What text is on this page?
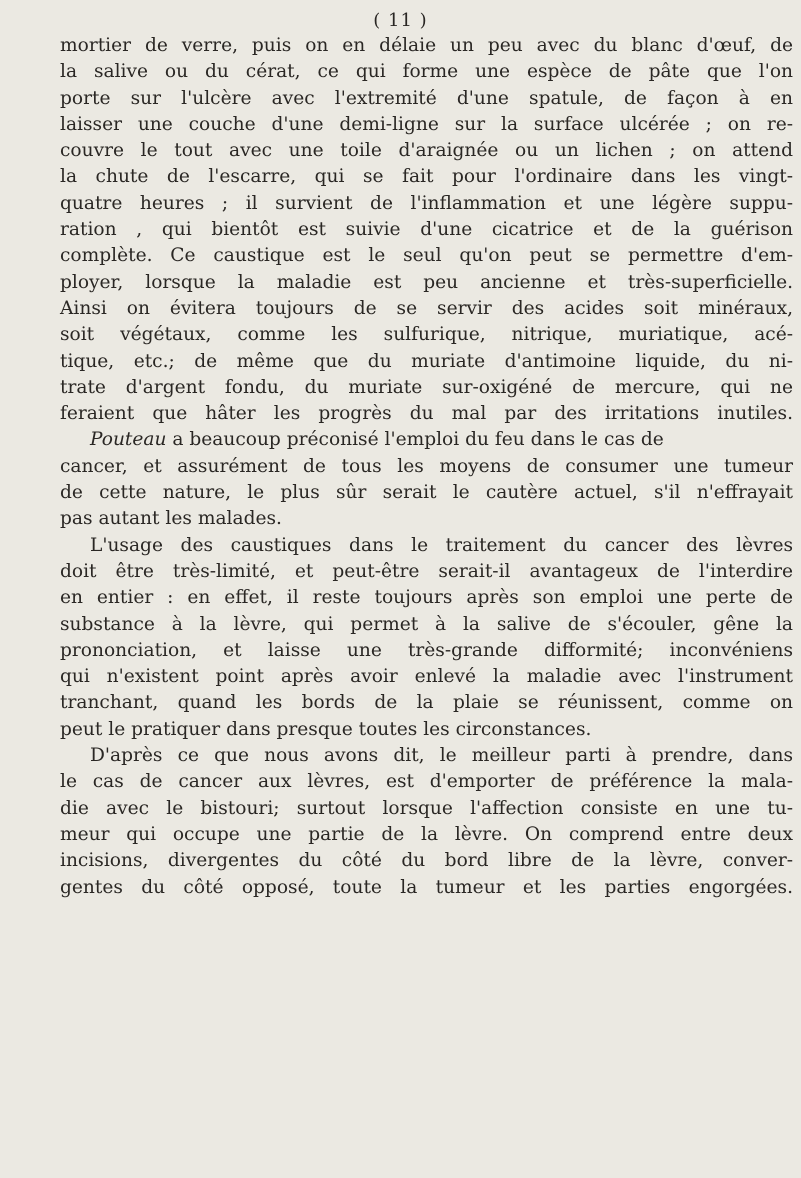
( 11 )
mortier de verre, puis on en délaie un peu avec du blanc d'œuf, de
la salive ou du cérat, ce qui forme une espèce de pâte que l'on
porte sur l'ulcère avec l'extremité d'une spatule, de façon à en
laisser une couche d'une demi-ligne sur la surface ulcérée ; on re-
couvre le tout avec une toile d'araignée ou un lichen ; on attend
la chute de l'escarre, qui se fait pour l'ordinaire dans les vingt-
quatre heures ; il survient de l'inflammation et une légère suppu-
ration , qui bientôt est suivie d'une cicatrice et de la guérison
complète. Ce caustique est le seul qu'on peut se permettre d'em-
ployer, lorsque la maladie est peu ancienne et très-superficielle.
Ainsi on évitera toujours de se servir des acides soit minéraux,
soit végétaux, comme les sulfurique, nitrique, muriatique, acé-
tique, etc.; de même que du muriate d'antimoine liquide, du ni-
trate d'argent fondu, du muriate sur-oxigéné de mercure, qui ne
feraient que hâter les progrès du mal par des irritations inutiles.
Pouteau a beaucoup préconisé l'emploi du feu dans le cas de
cancer, et assurément de tous les moyens de consumer une tumeur
de cette nature, le plus sûr serait le cautère actuel, s'il n'effrayait
pas autant les malades.
L'usage des caustiques dans le traitement du cancer des lèvres
doit être très-limité, et peut-être serait-il avantageux de l'interdire
en entier : en effet, il reste toujours après son emploi une perte de
substance à la lèvre, qui permet à la salive de s'écouler, gêne la
prononciation, et laisse une très-grande difformité; inconvéniens
qui n'existent point après avoir enlevé la maladie avec l'instrument
tranchant, quand les bords de la plaie se réunissent, comme on
peut le pratiquer dans presque toutes les circonstances.
D'après ce que nous avons dit, le meilleur parti à prendre, dans
le cas de cancer aux lèvres, est d'emporter de préférence la mala-
die avec le bistouri; surtout lorsque l'affection consiste en une tu-
meur qui occupe une partie de la lèvre. On comprend entre deux
incisions, divergentes du côté du bord libre de la lèvre, conver-
gentes du côté opposé, toute la tumeur et les parties engorgées.
